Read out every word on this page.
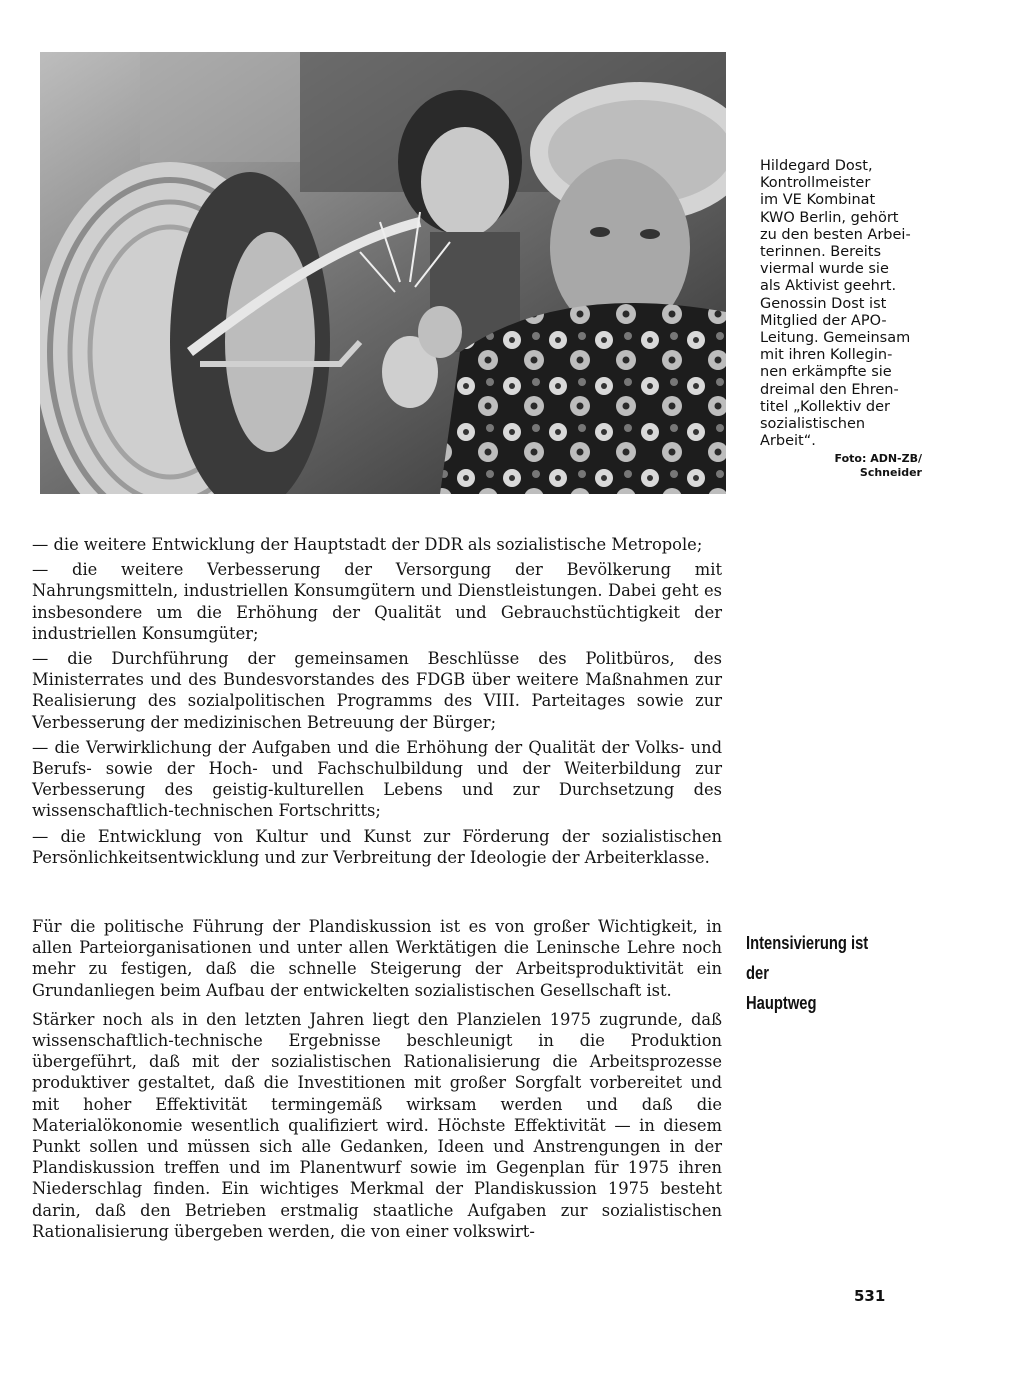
Hildegard Dost,
Kontrollmeister
im VE Kombinat
KWO Berlin, gehört
zu den besten Arbei-
terinnen. Bereits
viermal wurde sie
als Aktivist geehrt.
Genossin Dost ist
Mitglied der APO-
Leitung. Gemeinsam
mit ihren Kollegin-
nen erkämpfte sie
dreimal den Ehren-
titel „Kollektiv der
sozialistischen
Arbeit“.
Foto: ADN-ZB/
Schneider

— die weitere Entwicklung der Hauptstadt der DDR als sozialistische Metropole;

— die weitere Verbesserung der Versorgung der Bevölkerung mit Nahrungsmitteln, industriellen Konsumgütern und Dienstleistungen. Dabei geht es insbesondere um die Erhöhung der Qualität und Gebrauchstüchtigkeit der industriellen Konsumgüter;

— die Durchführung der gemeinsamen Beschlüsse des Politbüros, des Ministerrates und des Bundesvorstandes des FDGB über weitere Maßnahmen zur Realisierung des sozialpolitischen Programms des VIII. Parteitages sowie zur Verbesserung der medizinischen Betreuung der Bürger;

— die Verwirklichung der Aufgaben und die Erhöhung der Qualität der Volks- und Berufs- sowie der Hoch- und Fachschulbildung und der Weiterbildung zur Verbesserung des geistig-kulturellen Lebens und zur Durchsetzung des wissenschaftlich-technischen Fortschritts;

— die Entwicklung von Kultur und Kunst zur Förderung der sozialistischen Persönlichkeitsentwicklung und zur Verbreitung der Ideologie der Arbeiterklasse.

Intensivierung ist der
Hauptweg

Für die politische Führung der Plandiskussion ist es von großer Wichtigkeit, in allen Parteiorganisationen und unter allen Werktätigen die Leninsche Lehre noch mehr zu festigen, daß die schnelle Steigerung der Arbeitsproduktivität ein Grundanliegen beim Aufbau der entwickelten sozialistischen Gesellschaft ist.

Stärker noch als in den letzten Jahren liegt den Planzielen 1975 zugrunde, daß wissenschaftlich-technische Ergebnisse beschleunigt in die Produktion übergeführt, daß mit der sozialistischen Rationalisierung die Arbeitsprozesse produktiver gestaltet, daß die Investitionen mit großer Sorgfalt vorbereitet und mit hoher Effektivität termingemäß wirksam werden und daß die Materialökonomie wesentlich qualifiziert wird. Höchste Effektivität — in diesem Punkt sollen und müssen sich alle Gedanken, Ideen und Anstrengungen in der Plandiskussion treffen und im Planentwurf sowie im Gegenplan für 1975 ihren Niederschlag finden. Ein wichtiges Merkmal der Plandiskussion 1975 besteht darin, daß den Betrieben erstmalig staatliche Aufgaben zur sozialistischen Rationalisierung übergeben werden, die von einer volkswirt-

531
